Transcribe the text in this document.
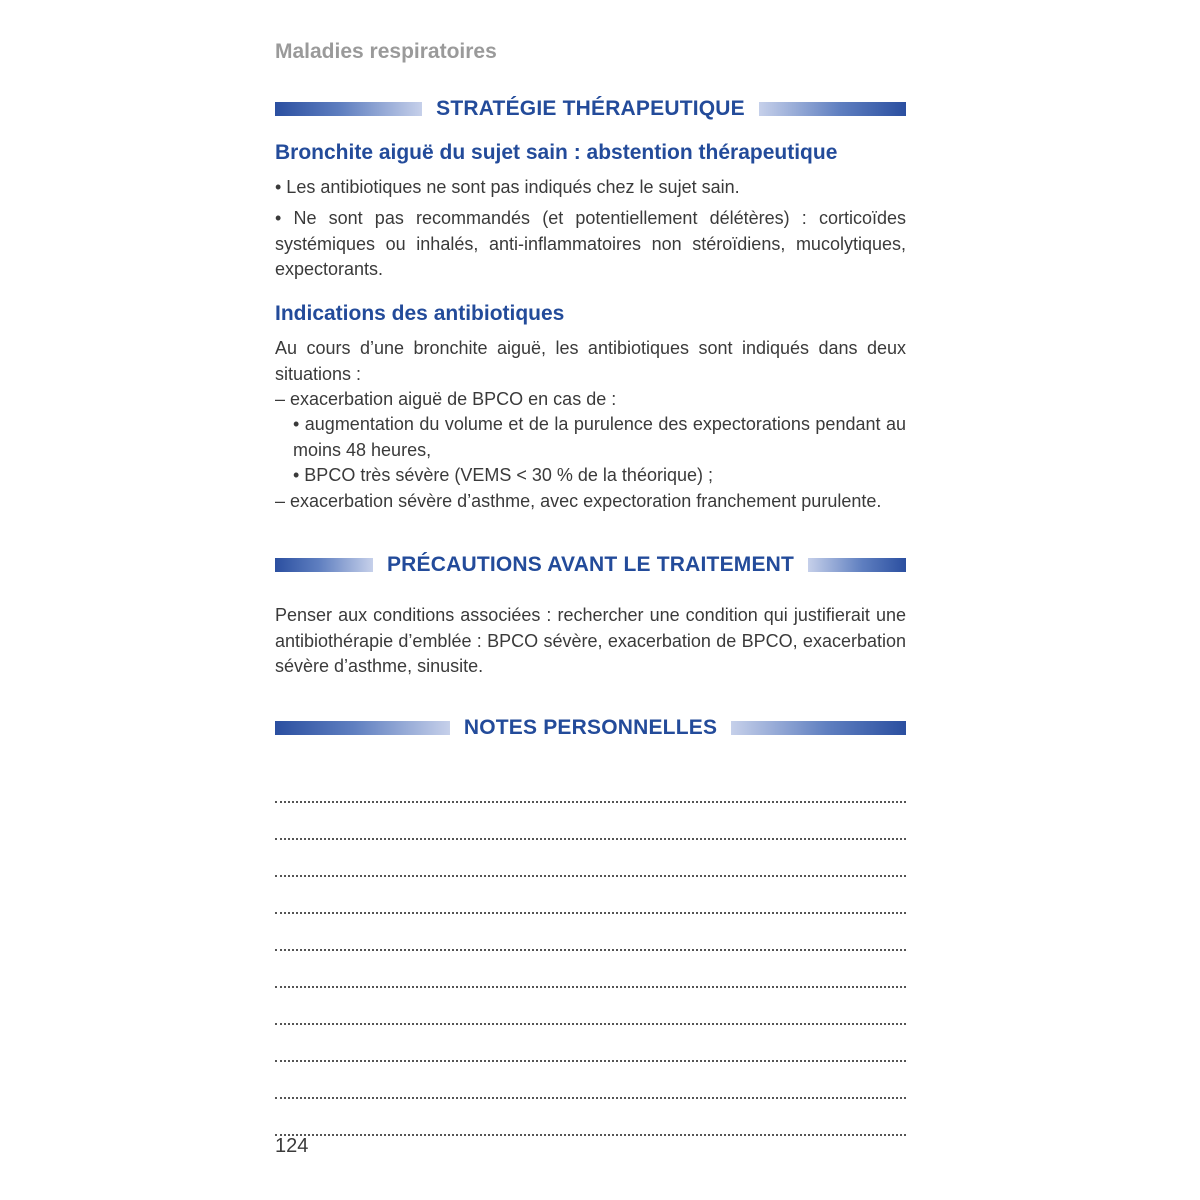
Maladies respiratoires
STRATÉGIE THÉRAPEUTIQUE
Bronchite aiguë du sujet sain : abstention thérapeutique

• Les antibiotiques ne sont pas indiqués chez le sujet sain.

• Ne sont pas recommandés (et potentiellement délétères) : corticoïdes systémiques ou inhalés, anti-inflammatoires non stéroïdiens, mucolytiques, expectorants.

Indications des antibiotiques

Au cours d’une bronchite aiguë, les antibiotiques sont indiqués dans deux situations :

– exacerbation aiguë de BPCO en cas de :

• augmentation du volume et de la purulence des expectorations pendant au moins 48 heures,

• BPCO très sévère (VEMS < 30 % de la théorique) ;

– exacerbation sévère d’asthme, avec expectoration franchement purulente.

PRÉCAUTIONS AVANT LE TRAITEMENT

Penser aux conditions associées : rechercher une condition qui justifierait une antibiothérapie d’emblée : BPCO sévère, exacerbation de BPCO, exacerbation sévère d’asthme, sinusite.

NOTES PERSONNELLES
124
